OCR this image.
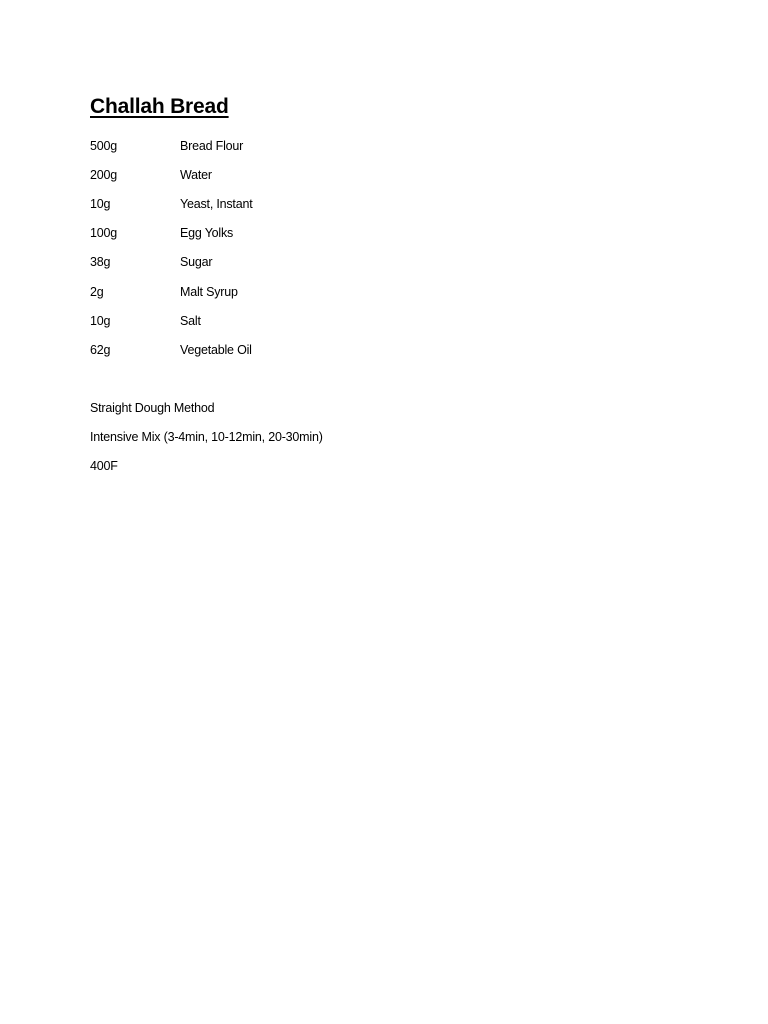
Challah Bread
500g	Bread Flour
200g	Water
10g	Yeast, Instant
100g	Egg Yolks
38g	Sugar
2g	Malt Syrup
10g	Salt
62g	Vegetable Oil
Straight Dough Method
Intensive Mix (3-4min, 10-12min, 20-30min)
400F
